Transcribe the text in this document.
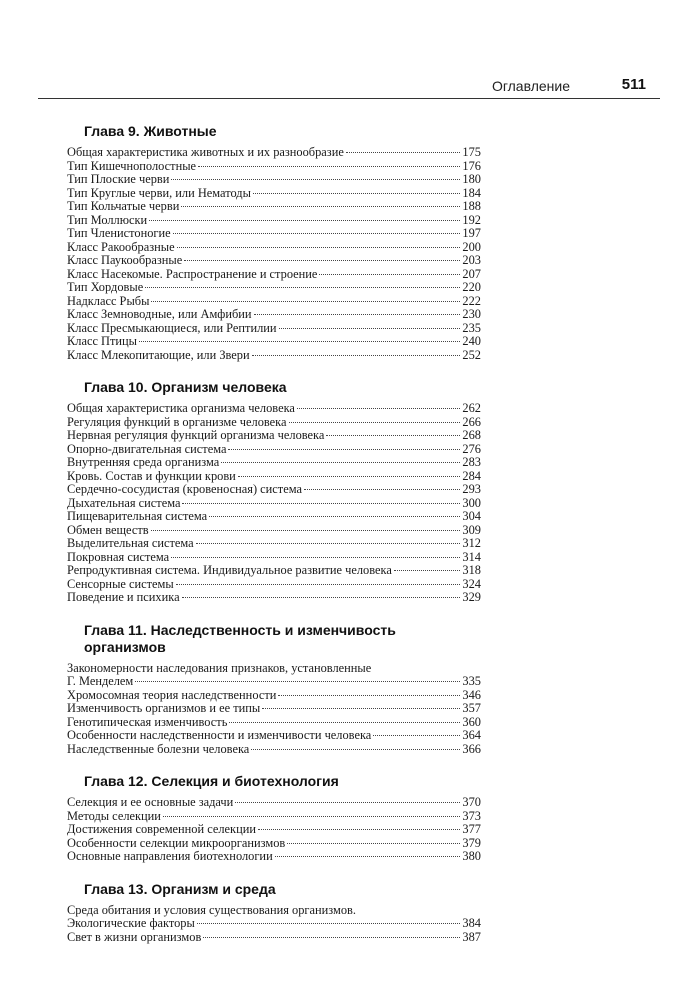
Оглавление	511
Глава 9. Животные
Общая характеристика животных и их разнообразие	175
Тип Кишечнополостные	176
Тип Плоские черви	180
Тип Круглые черви, или Нематоды	184
Тип Кольчатые черви	188
Тип Моллюски	192
Тип Членистоногие	197
Класс Ракообразные	200
Класс Паукообразные	203
Класс Насекомые. Распространение и строение	207
Тип Хордовые	220
Надкласс Рыбы	222
Класс Земноводные, или Амфибии	230
Класс Пресмыкающиеся, или Рептилии	235
Класс Птицы	240
Класс Млекопитающие, или Звери	252
Глава 10. Организм человека
Общая характеристика организма человека	262
Регуляция функций в организме человека	266
Нервная регуляция функций организма человека	268
Опорно-двигательная система	276
Внутренняя среда организма	283
Кровь. Состав и функции крови	284
Сердечно-сосудистая (кровеносная) система	293
Дыхательная система	300
Пищеварительная система	304
Обмен веществ	309
Выделительная система	312
Покровная система	314
Репродуктивная система. Индивидуальное развитие человека	318
Сенсорные системы	324
Поведение и психика	329
Глава 11. Наследственность и изменчивость
организмов
Закономерности наследования признаков, установленные
Г. Менделем	335
Хромосомная теория наследственности	346
Изменчивость организмов и ее типы	357
Генотипическая изменчивость	360
Особенности наследственности и изменчивости человека	364
Наследственные болезни человека	366
Глава 12. Селекция и биотехнология
Селекция и ее основные задачи	370
Методы селекции	373
Достижения современной селекции	377
Особенности селекции микроорганизмов	379
Основные направления биотехнологии	380
Глава 13. Организм и среда
Среда обитания и условия существования организмов.
Экологические факторы	384
Свет в жизни организмов	387
